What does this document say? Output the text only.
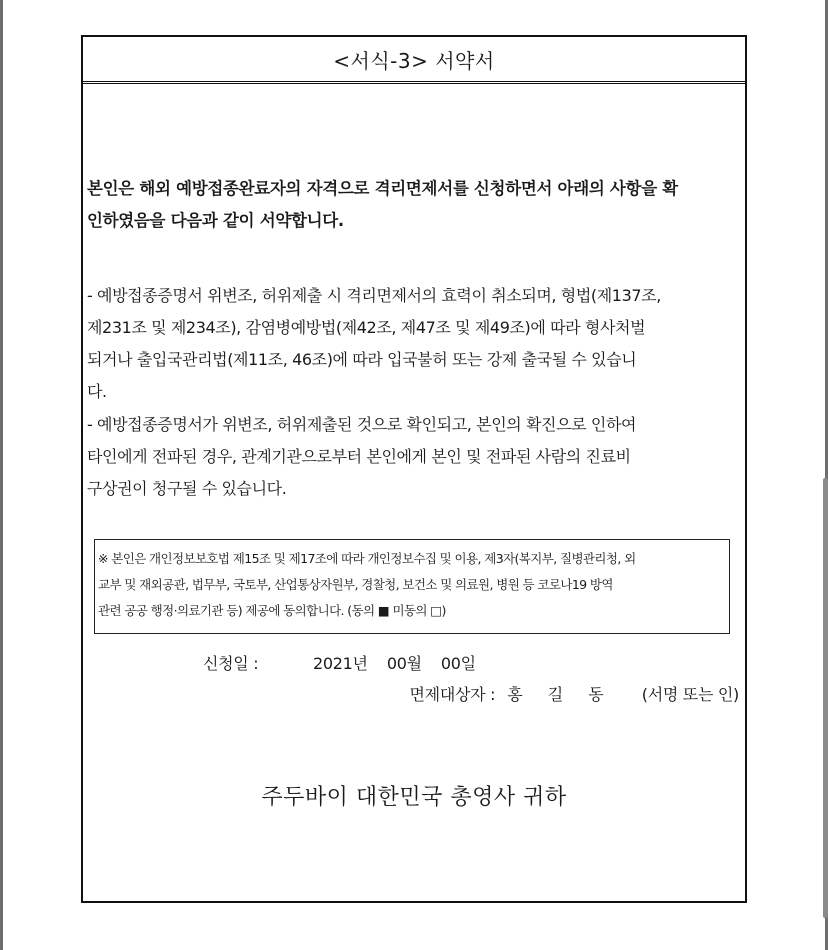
<서식-3> 서약서
본인은 해외 예방접종완료자의 자격으로 격리면제서를 신청하면서 아래의 사항을 확
인하였음을 다음과 같이 서약합니다.
- 예방접종증명서 위변조, 허위제출 시 격리면제서의 효력이 취소되며, 형법(제137조,
제231조 및 제234조), 감염병예방법(제42조, 제47조 및 제49조)에 따라 형사처벌
되거나 출입국관리법(제11조, 46조)에 따라 입국불허 또는 강제 출국될 수 있습니
다.
- 예방접종증명서가 위변조, 허위제출된 것으로 확인되고, 본인의 확진으로 인하여
타인에게 전파된 경우, 관계기관으로부터 본인에게 본인 및 전파된 사람의 진료비
구상권이 청구될 수 있습니다.
※ 본인은 개인정보보호법 제15조 및 제17조에 따라 개인정보수집 및 이용, 제3자(복지부, 질병관리청, 외
교부 및 재외공관, 법무부, 국토부, 산업통상자원부, 경찰청, 보건소 및 의료원, 병원 등 코로나19 방역
관련 공공 행정·의료기관 등) 제공에 동의합니다. (동의 ■ 미동의 □)
신청일 :	2021년    00월    00일
면제대상자 : 홍 길 동 (서명 또는 인)
주두바이 대한민국 총영사 귀하
